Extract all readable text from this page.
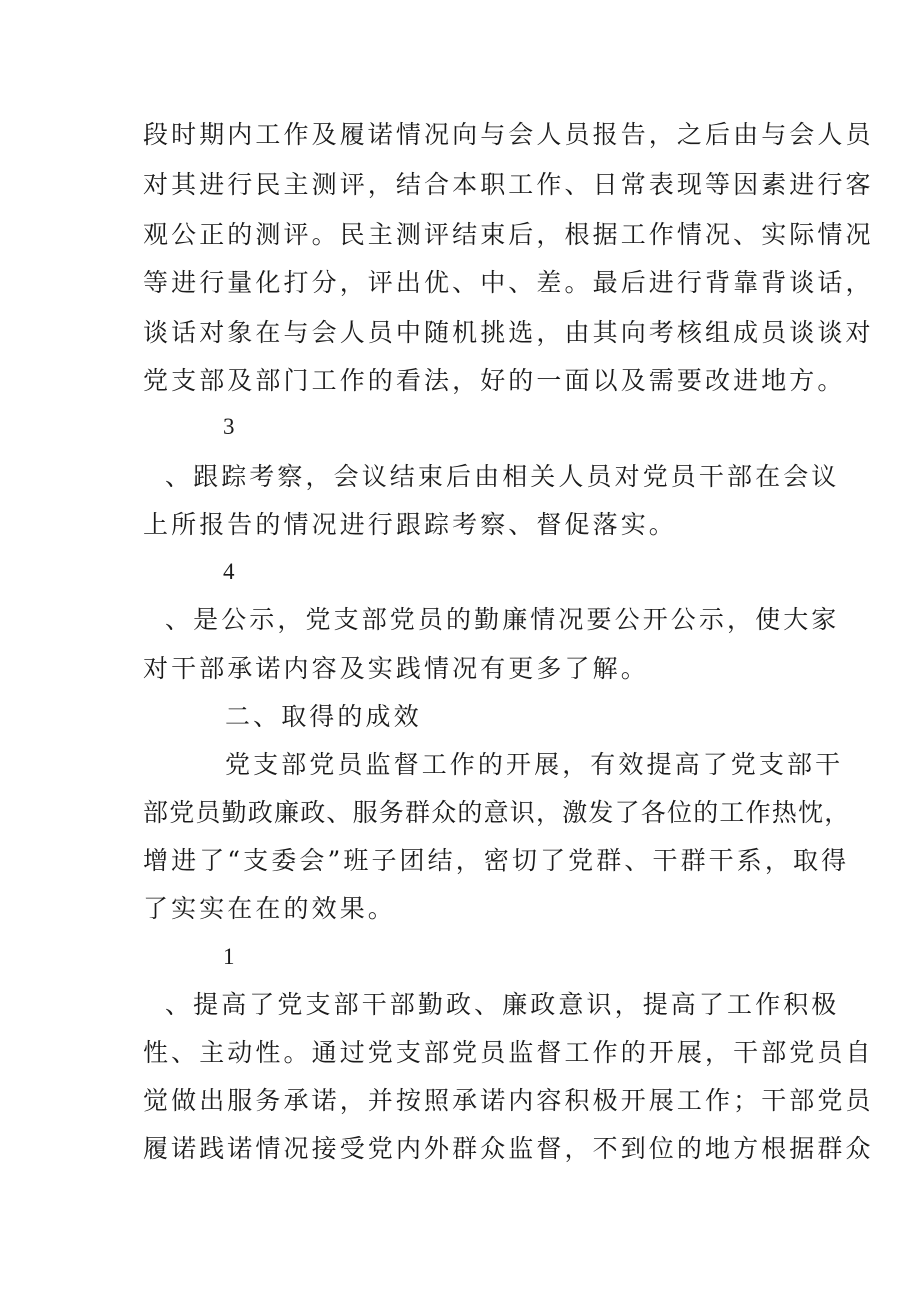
段时期内工作及履诺情况向与会人员报告，之后由与会人员
对其进行民主测评，结合本职工作、日常表现等因素进行客
观公正的测评。民主测评结束后，根据工作情况、实际情况
等进行量化打分，评出优、中、差。最后进行背靠背谈话，
谈话对象在与会人员中随机挑选，由其向考核组成员谈谈对
党支部及部门工作的看法，好的一面以及需要改进地方。
3
、跟踪考察，会议结束后由相关人员对党员干部在会议
上所报告的情况进行跟踪考察、督促落实。
4
、是公示，党支部党员的勤廉情况要公开公示，使大家
对干部承诺内容及实践情况有更多了解。
二、取得的成效
党支部党员监督工作的开展，有效提高了党支部干
部党员勤政廉政、服务群众的意识，激发了各位的工作热忱，
增进了“支委会”班子团结，密切了党群、干群干系，取得
了实实在在的效果。
1
、提高了党支部干部勤政、廉政意识，提高了工作积极
性、主动性。通过党支部党员监督工作的开展，干部党员自
觉做出服务承诺，并按照承诺内容积极开展工作；干部党员
履诺践诺情况接受党内外群众监督，不到位的地方根据群众
